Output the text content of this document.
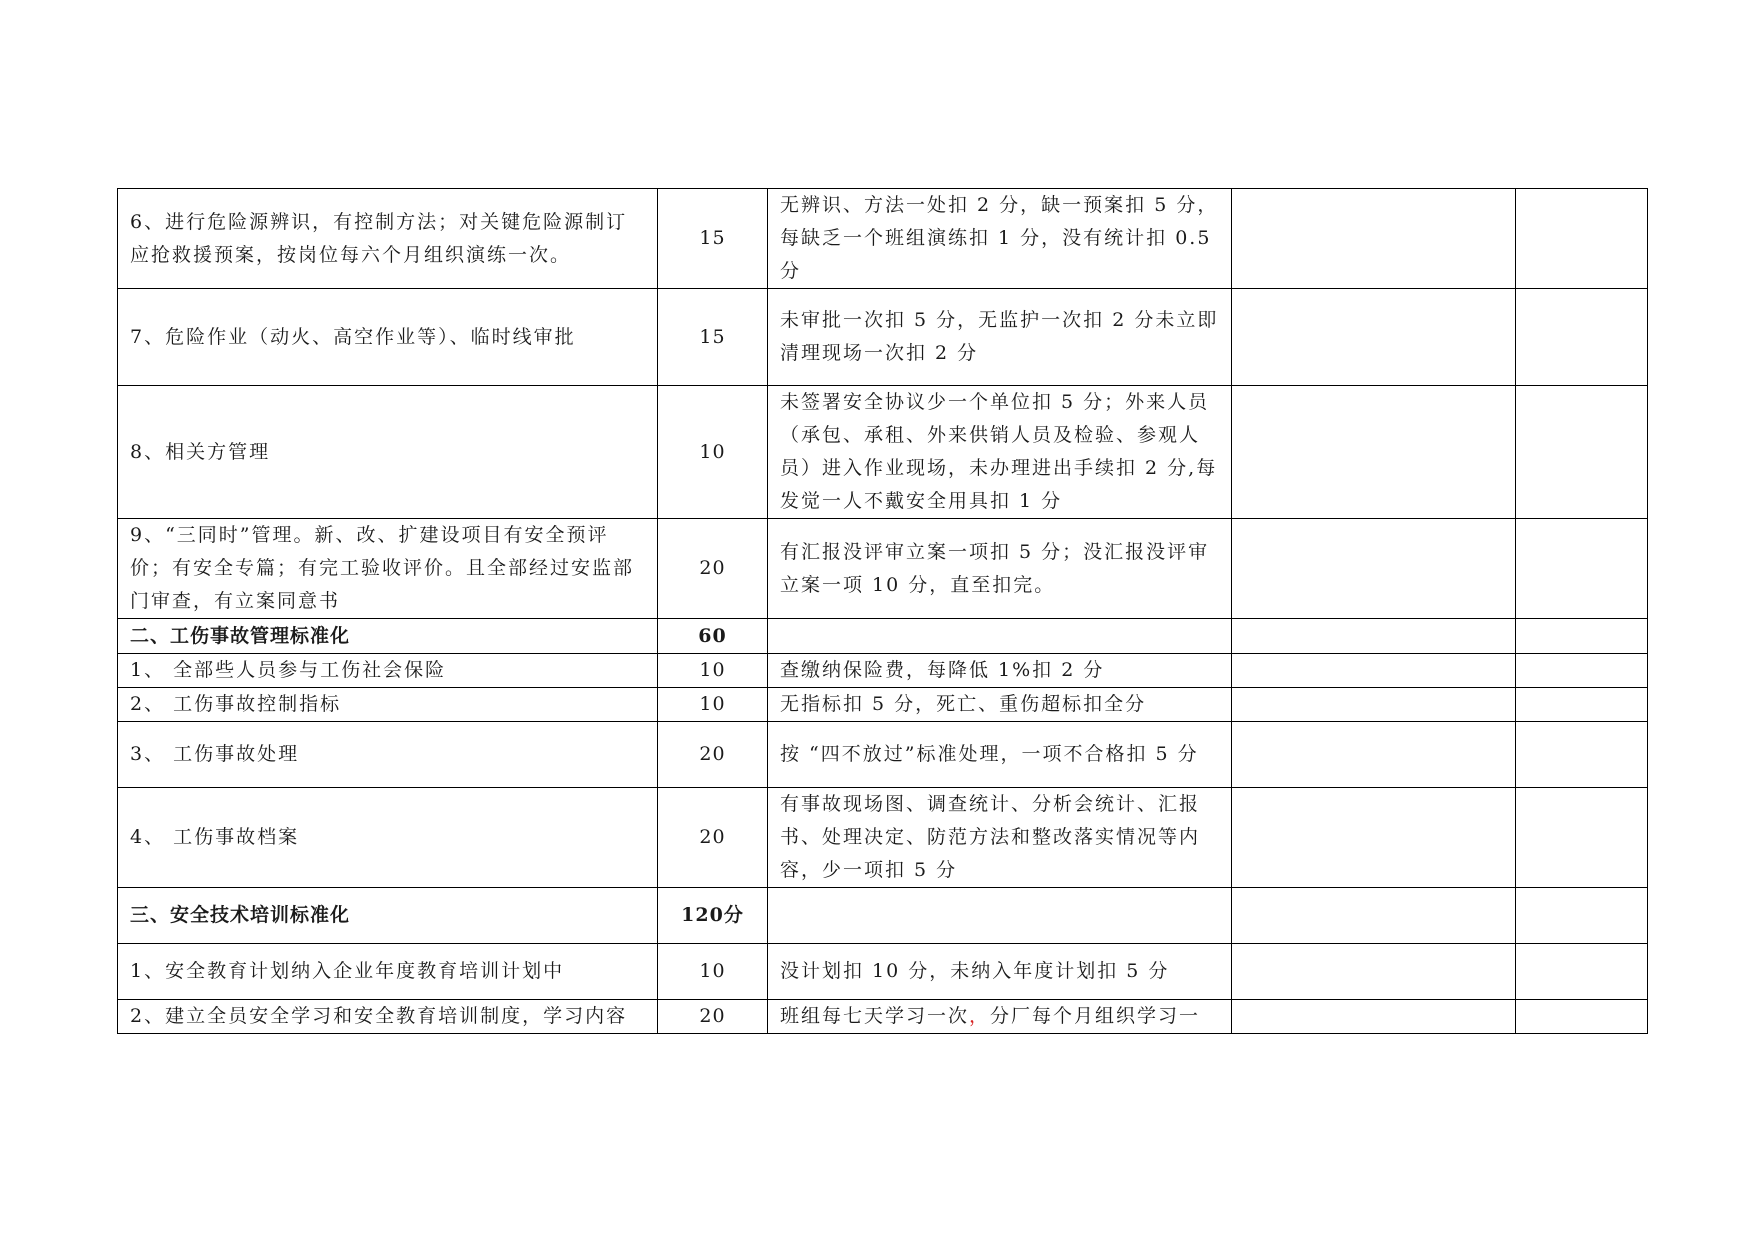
6、进行危险源辨识，有控制方法；对关键危险源制订应抢救援预案，按岗位每六个月组织演练一次。	15	无辨识、方法一处扣 2 分，缺一预案扣 5 分，每缺乏一个班组演练扣 1 分，没有统计扣 0.5 分		
7、危险作业（动火、高空作业等）、临时线审批	15	未审批一次扣 5 分，无监护一次扣 2 分未立即清理现场一次扣 2 分		
8、相关方管理	10	未签署安全协议少一个单位扣 5 分；外来人员（承包、承租、外来供销人员及检验、参观人员）进入作业现场，未办理进出手续扣 2 分,每发觉一人不戴安全用具扣 1 分		
9、“三同时”管理。新、改、扩建设项目有安全预评价；有安全专篇；有完工验收评价。且全部经过安监部门审查，有立案同意书	20	有汇报没评审立案一项扣 5 分；没汇报没评审立案一项 10 分，直至扣完。		
二、工伤事故管理标准化	60			
1、 全部些人员参与工伤社会保险	10	查缴纳保险费，每降低 1%扣 2 分		
2、 工伤事故控制指标	10	无指标扣 5 分，死亡、重伤超标扣全分		
3、 工伤事故处理	20	按 “四不放过”标准处理，一项不合格扣 5 分		
4、 工伤事故档案	20	有事故现场图、调查统计、分析会统计、汇报书、处理决定、防范方法和整改落实情况等内容，少一项扣 5 分		
三、安全技术培训标准化	120分			
1、安全教育计划纳入企业年度教育培训计划中	10	没计划扣 10 分，未纳入年度计划扣 5 分		
2、建立全员安全学习和安全教育培训制度，学习内容	20	班组每七天学习一次，分厂每个月组织学习一		
